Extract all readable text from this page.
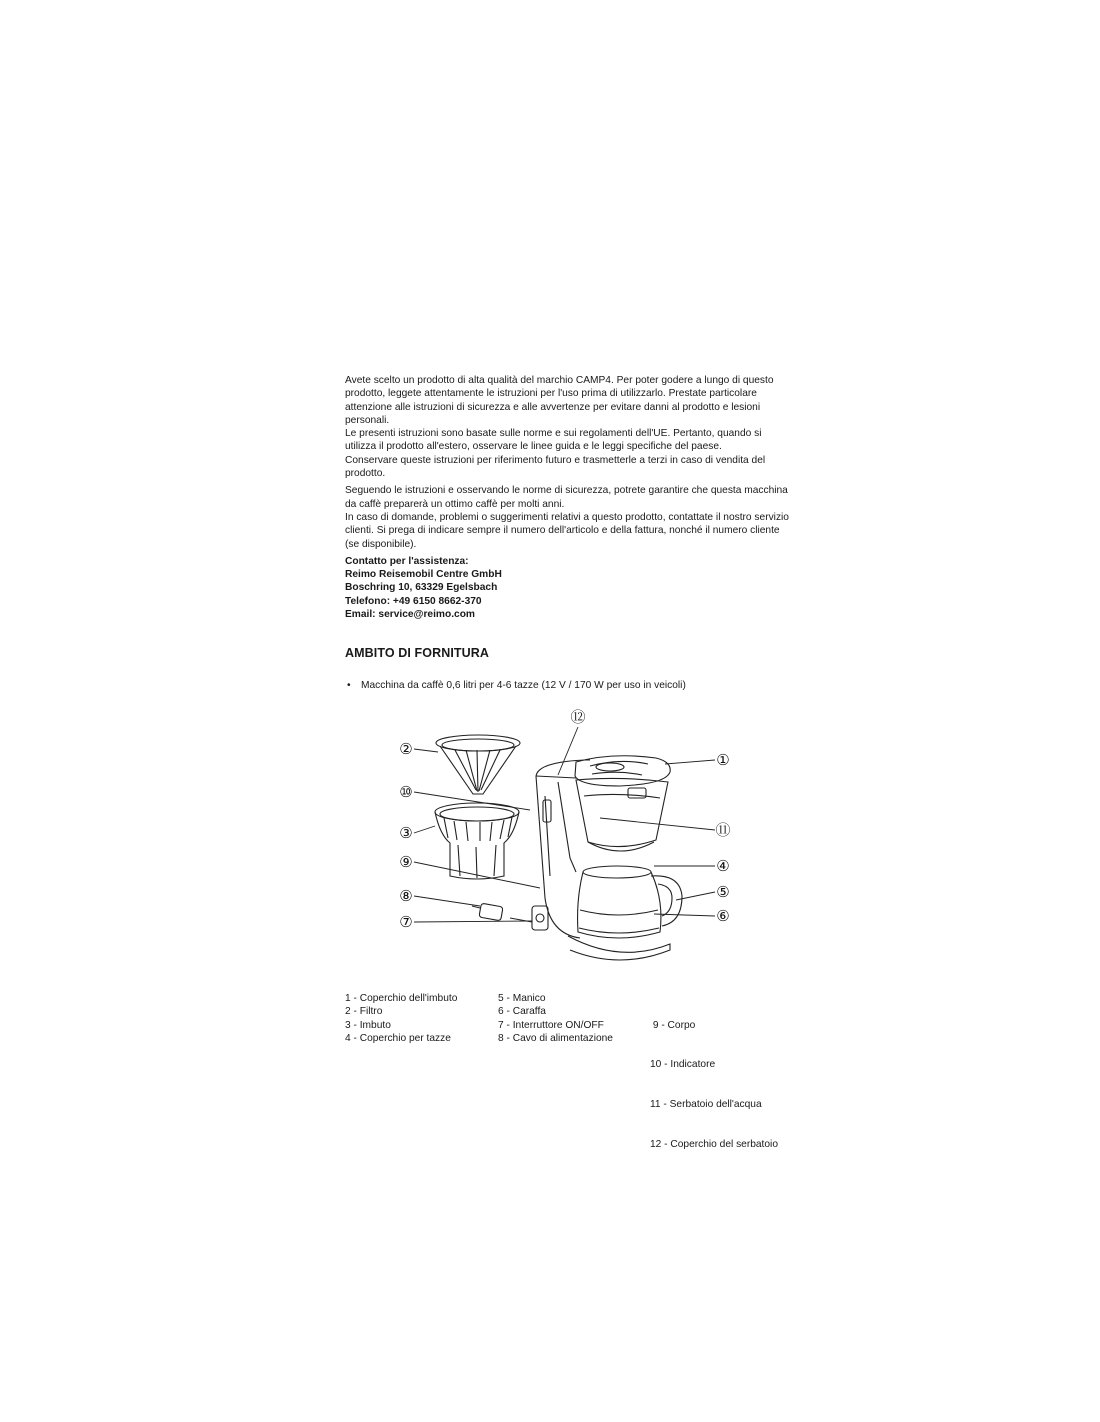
Avete scelto un prodotto di alta qualità del marchio CAMP4. Per poter godere a lungo di questo prodotto, leggete attentamente le istruzioni per l'uso prima di utilizzarlo. Prestate particolare attenzione alle istruzioni di sicurezza e alle avvertenze per evitare danni al prodotto e lesioni personali.

Le presenti istruzioni sono basate sulle norme e sui regolamenti dell'UE. Pertanto, quando si utilizza il prodotto all'estero, osservare le linee guida e le leggi specifiche del paese.

Conservare queste istruzioni per riferimento futuro e trasmetterle a terzi in caso di vendita del prodotto.

Seguendo le istruzioni e osservando le norme di sicurezza, potrete garantire che questa macchina da caffè preparerà un ottimo caffè per molti anni.

In caso di domande, problemi o suggerimenti relativi a questo prodotto, contattate il nostro servizio clienti. Si prega di indicare sempre il numero dell'articolo e della fattura, nonché il numero cliente (se disponibile).

Contatto per l'assistenza:
Reimo Reisemobil Centre GmbH
Boschring 10, 63329 Egelsbach
Telefono: +49 6150 8662-370
Email: service@reimo.com
AMBITO DI FORNITURA
•	Macchina da caffè 0,6 litri per 4-6 tazze (12 V / 170 W per uso in veicoli)
①
②
③
④
⑤
⑥
⑦
⑧
⑨
⑩
⑪
⑫
1 - Coperchio dell'imbuto
2 - Filtro
3 - Imbuto
4 - Coperchio per tazze
5 - Manico
6 - Caraffa
7 - Interruttore ON/OFF
8 - Cavo di alimentazione

9 - Corpo

10 - Indicatore

11 - Serbatoio dell'acqua

12 - Coperchio del serbatoio
